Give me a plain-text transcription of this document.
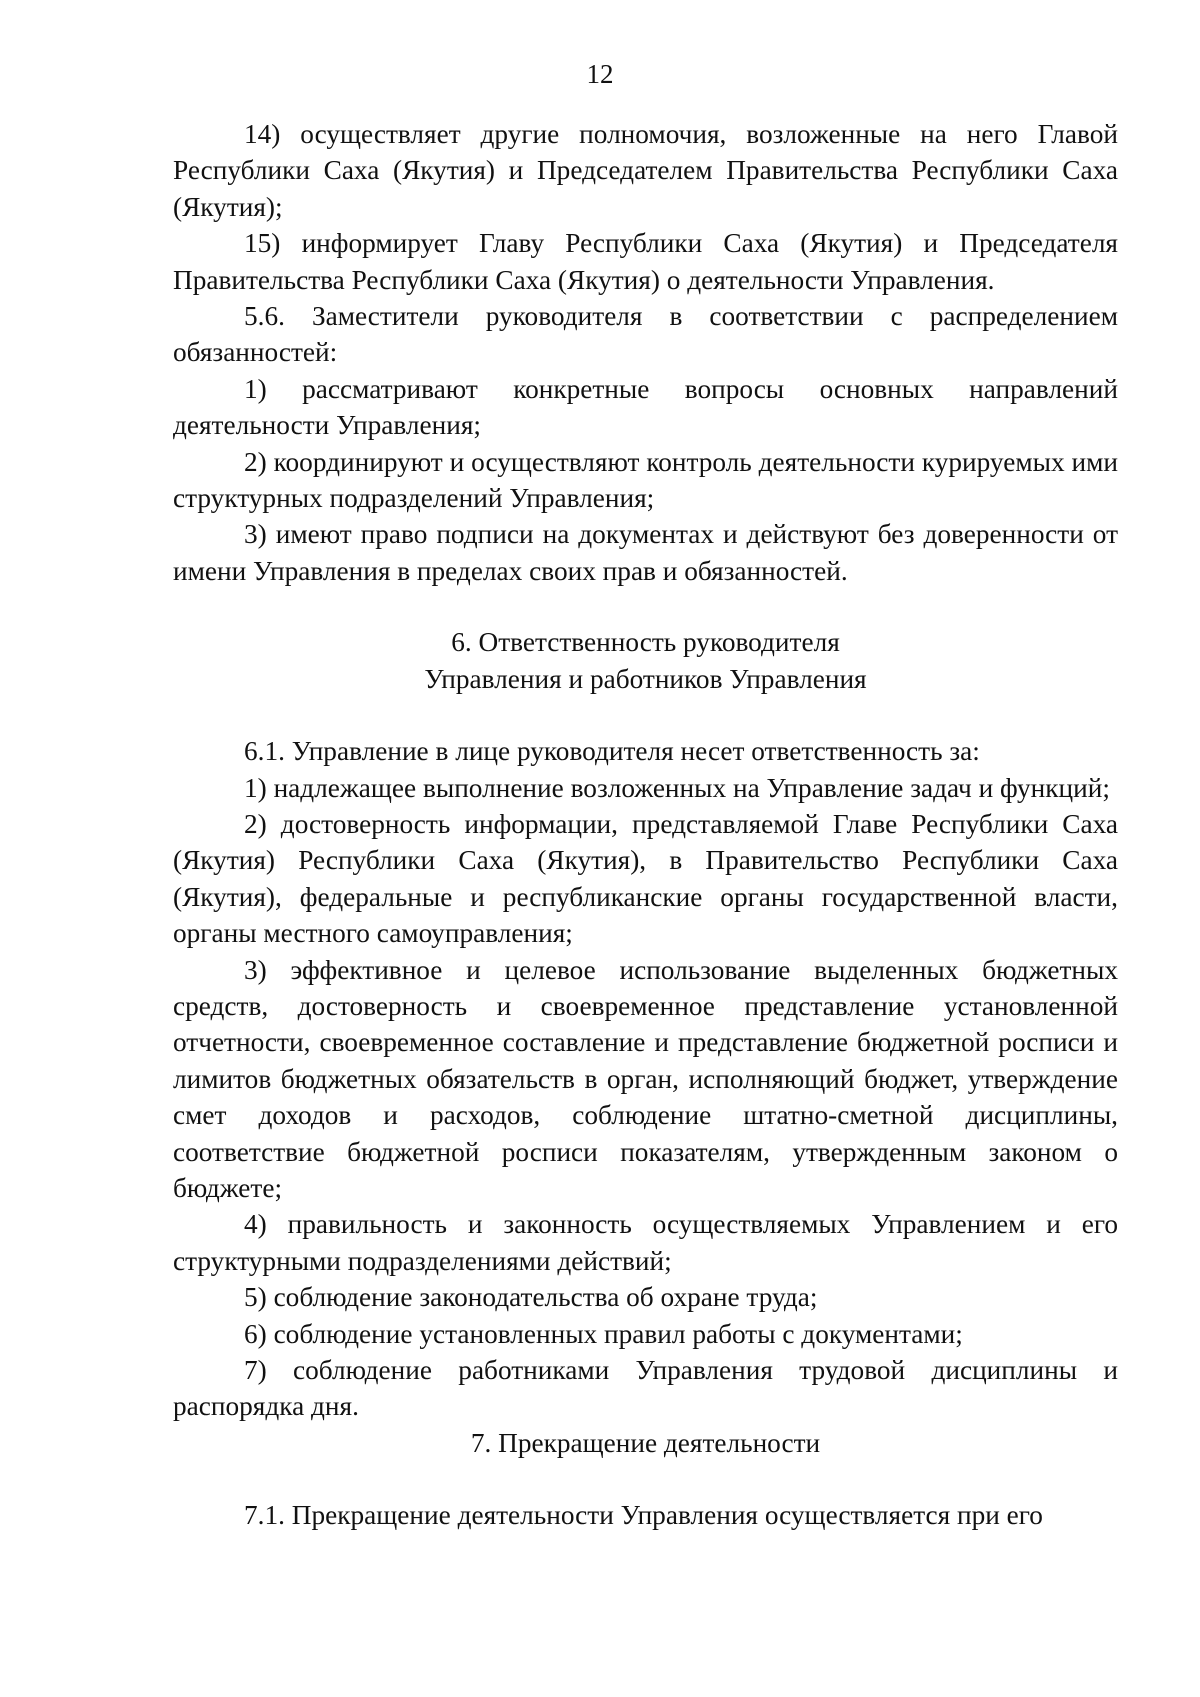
12

14) осуществляет другие полномочия, возложенные на него Главой Республики Саха (Якутия) и Председателем Правительства Республики Саха (Якутия);

15) информирует Главу Республики Саха (Якутия) и Председателя Правительства Республики Саха (Якутия) о деятельности Управления.

5.6. Заместители руководителя в соответствии с распределением обязанностей:

1) рассматривают конкретные вопросы основных направлений деятельности Управления;

2) координируют и осуществляют контроль деятельности курируемых ими структурных подразделений Управления;

3) имеют право подписи на документах и действуют без доверенности от имени Управления в пределах своих прав и обязанностей.

6. Ответственность руководителя

Управления и работников Управления

6.1. Управление в лице руководителя несет ответственность за:

1) надлежащее выполнение возложенных на Управление задач и функций;

2) достоверность информации, представляемой Главе Республики Саха (Якутия) Республики Саха (Якутия), в Правительство Республики Саха (Якутия), федеральные и республиканские органы государственной власти, органы местного самоуправления;

3) эффективное и целевое использование выделенных бюджетных средств, достоверность и своевременное представление установленной отчетности, своевременное составление и представление бюджетной росписи и лимитов бюджетных обязательств в орган, исполняющий бюджет, утверждение смет доходов и расходов, соблюдение штатно-сметной дисциплины, соответствие бюджетной росписи показателям, утвержденным законом о бюджете;

4) правильность и законность осуществляемых Управлением и его структурными подразделениями действий;

5) соблюдение законодательства об охране труда;

6) соблюдение установленных правил работы с документами;

7) соблюдение работниками Управления трудовой дисциплины и распорядка дня.

7. Прекращение деятельности

7.1. Прекращение деятельности Управления осуществляется при его
